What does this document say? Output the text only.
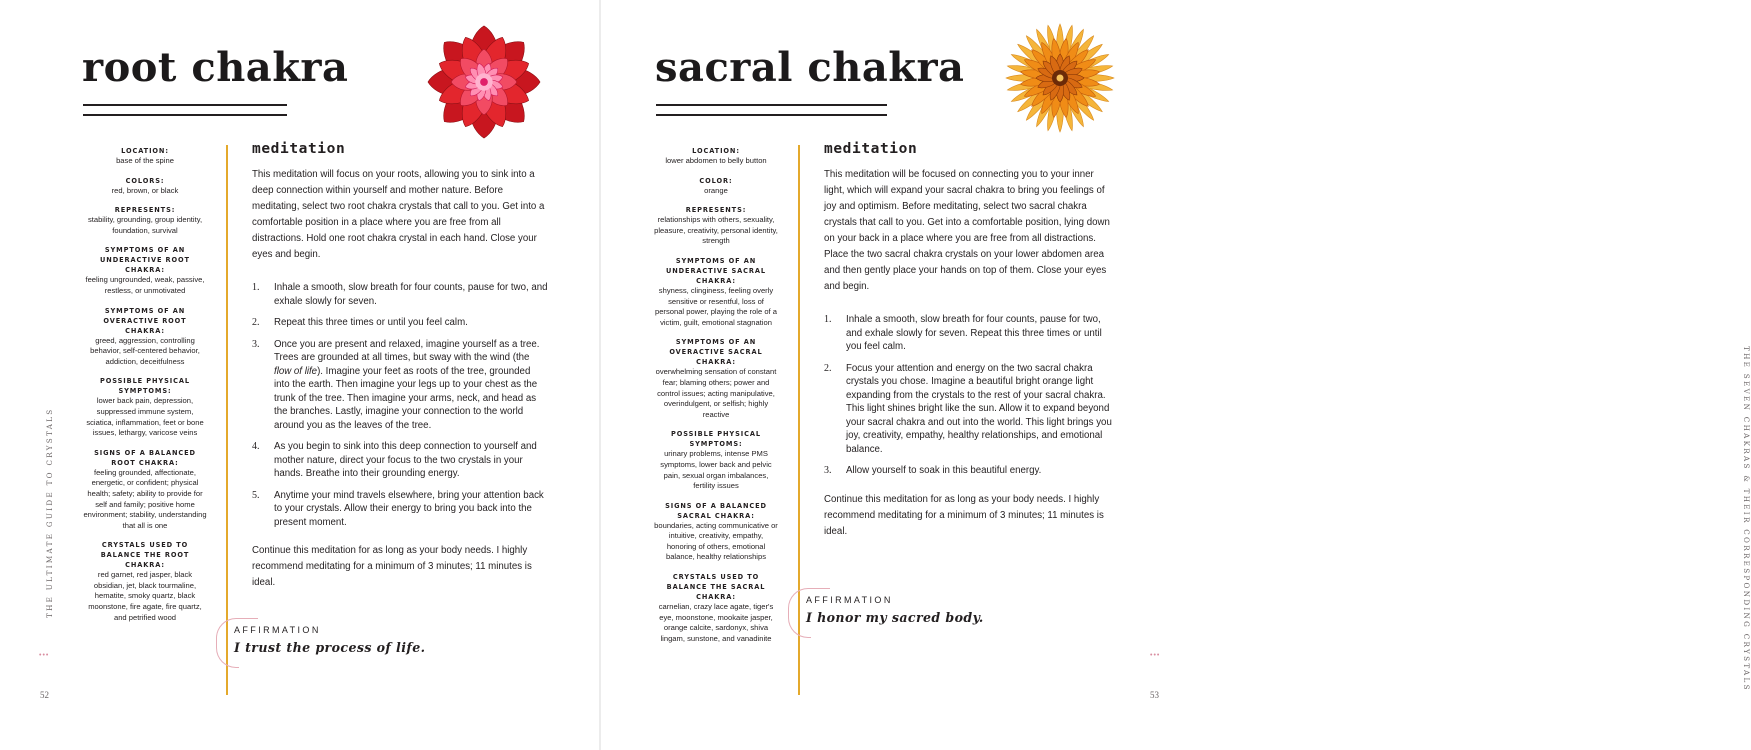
root chakra
LOCATION:
base of the spine
COLORS:
red, brown, or black
REPRESENTS:
stability, grounding, group identity, foundation, survival
SYMPTOMS OF AN UNDERACTIVE ROOT CHAKRA:
feeling ungrounded, weak, passive, restless, or unmotivated
SYMPTOMS OF AN OVERACTIVE ROOT CHAKRA:
greed, aggression, controlling behavior, self-centered behavior, addiction, deceitfulness
POSSIBLE PHYSICAL SYMPTOMS:
lower back pain, depression, suppressed immune system, sciatica, inflammation, feet or bone issues, lethargy, varicose veins
SIGNS OF A BALANCED ROOT CHAKRA:
feeling grounded, affectionate, energetic, or confident; physical health; safety; ability to provide for self and family; positive home environment; stability, understanding that all is one
CRYSTALS USED TO BALANCE THE ROOT CHAKRA:
red garnet, red jasper, black obsidian, jet, black tourmaline, hematite, smoky quartz, black moonstone, fire agate, fire quartz, and petrified wood
meditation

This meditation will focus on your roots, allowing you to sink into a deep connection within yourself and mother nature. Before meditating, select two root chakra crystals that call to you. Get into a comfortable position in a place where you are free from all distractions. Hold one root chakra crystal in each hand. Close your eyes and begin.

1. Inhale a smooth, slow breath for four counts, pause for two, and exhale slowly for seven.
2. Repeat this three times or until you feel calm.
3. Once you are present and relaxed, imagine yourself as a tree. Trees are grounded at all times, but sway with the wind (the flow of life). Imagine your feet as roots of the tree, grounded into the earth. Then imagine your legs up to your chest as the trunk of the tree. Then imagine your arms, neck, and head as the branches. Lastly, imagine your connection to the world around you as the leaves of the tree.
4. As you begin to sink into this deep connection to yourself and mother nature, direct your focus to the two crystals in your hands. Breathe into their grounding energy.
5. Anytime your mind travels elsewhere, bring your attention back to your crystals. Allow their energy to bring you back into the present moment.
Continue this meditation for as long as your body needs. I highly recommend meditating for a minimum of 3 minutes; 11 minutes is ideal.
AFFIRMATION
I trust the process of life.
THE ULTIMATE GUIDE TO CRYSTALS
•••
52
sacral chakra
LOCATION:
lower abdomen to belly button
COLOR:
orange
REPRESENTS:
relationships with others, sexuality, pleasure, creativity, personal identity, strength
SYMPTOMS OF AN UNDERACTIVE SACRAL CHAKRA:
shyness, clinginess, feeling overly sensitive or resentful, loss of personal power, playing the role of a victim, guilt, emotional stagnation
SYMPTOMS OF AN OVERACTIVE SACRAL CHAKRA:
overwhelming sensation of constant fear; blaming others; power and control issues; acting manipulative, overindulgent, or selfish; highly reactive
POSSIBLE PHYSICAL SYMPTOMS:
urinary problems, intense PMS symptoms, lower back and pelvic pain, sexual organ imbalances, fertility issues
SIGNS OF A BALANCED SACRAL CHAKRA:
boundaries, acting communicative or intuitive, creativity, empathy, honoring of others, emotional balance, healthy relationships
CRYSTALS USED TO BALANCE THE SACRAL CHAKRA:
carnelian, crazy lace agate, tiger's eye, moonstone, mookaite jasper, orange calcite, sardonyx, shiva lingam, sunstone, and vanadinite
meditation

This meditation will be focused on connecting you to your inner light, which will expand your sacral chakra to bring you feelings of joy and optimism. Before meditating, select two sacral chakra crystals that call to you. Get into a comfortable position, lying down on your back in a place where you are free from all distractions. Place the two sacral chakra crystals on your lower abdomen area and then gently place your hands on top of them. Close your eyes and begin.

1. Inhale a smooth, slow breath for four counts, pause for two, and exhale slowly for seven. Repeat this three times or until you feel calm.
2. Focus your attention and energy on the two sacral chakra crystals you chose. Imagine a beautiful bright orange light expanding from the crystals to the rest of your sacral chakra. This light shines bright like the sun. Allow it to expand beyond your sacral chakra and out into the world. This light brings you joy, creativity, empathy, healthy relationships, and emotional balance.
3. Allow yourself to soak in this beautiful energy.
Continue this meditation for as long as your body needs. I highly recommend meditating for a minimum of 3 minutes; 11 minutes is ideal.
AFFIRMATION
I honor my sacred body.	THE SEVEN CHAKRAS & THEIR CORRESPONDING CRYSTALS
•••
53
